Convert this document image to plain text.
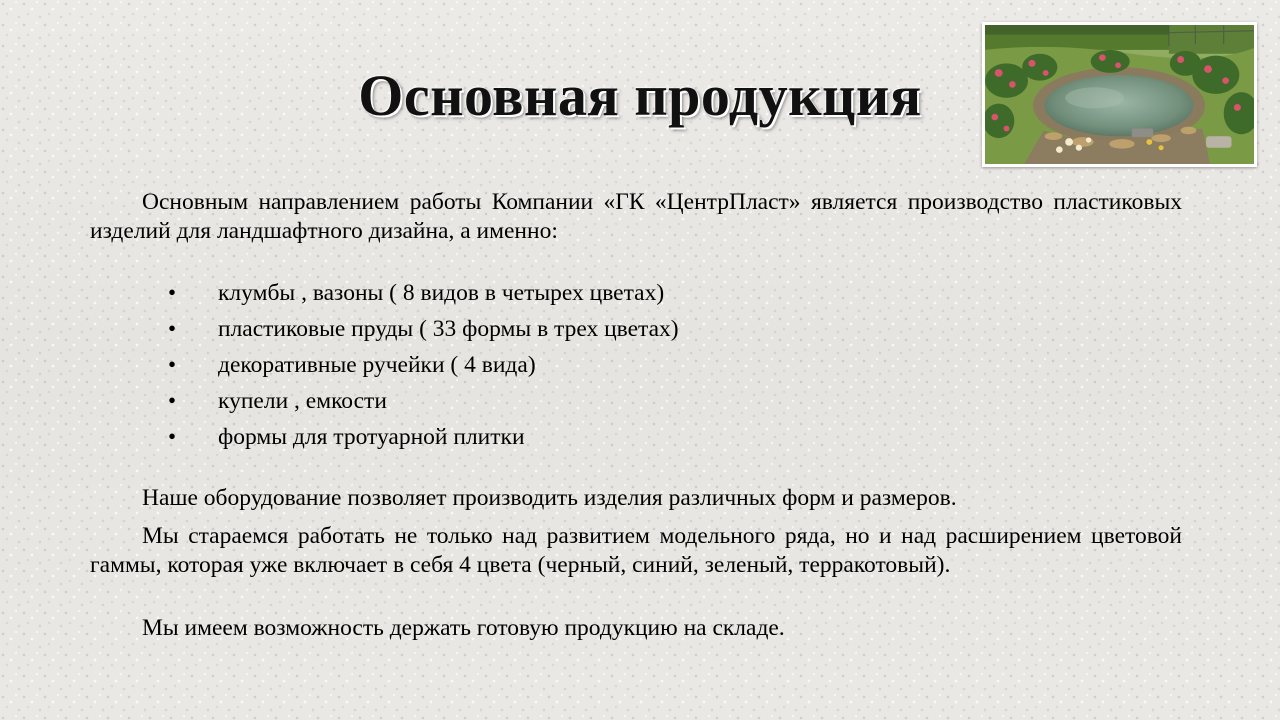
Основная продукция
Основным направлением работы Компании «ГК «ЦентрПласт» является производство пластиковых изделий для ландшафтного дизайна, а именно:
• клумбы , вазоны ( 8 видов в четырех цветах)
• пластиковые пруды ( 33 формы в трех цветах)
• декоративные ручейки ( 4 вида)
• купели , емкости
• формы для тротуарной плитки
Наше оборудование позволяет производить изделия различных форм и размеров.
Мы стараемся работать не только над развитием модельного ряда, но и над расширением цветовой гаммы, которая уже включает в себя 4 цвета (черный, синий, зеленый, терракотовый).
Мы имеем возможность держать готовую продукцию на складе.
